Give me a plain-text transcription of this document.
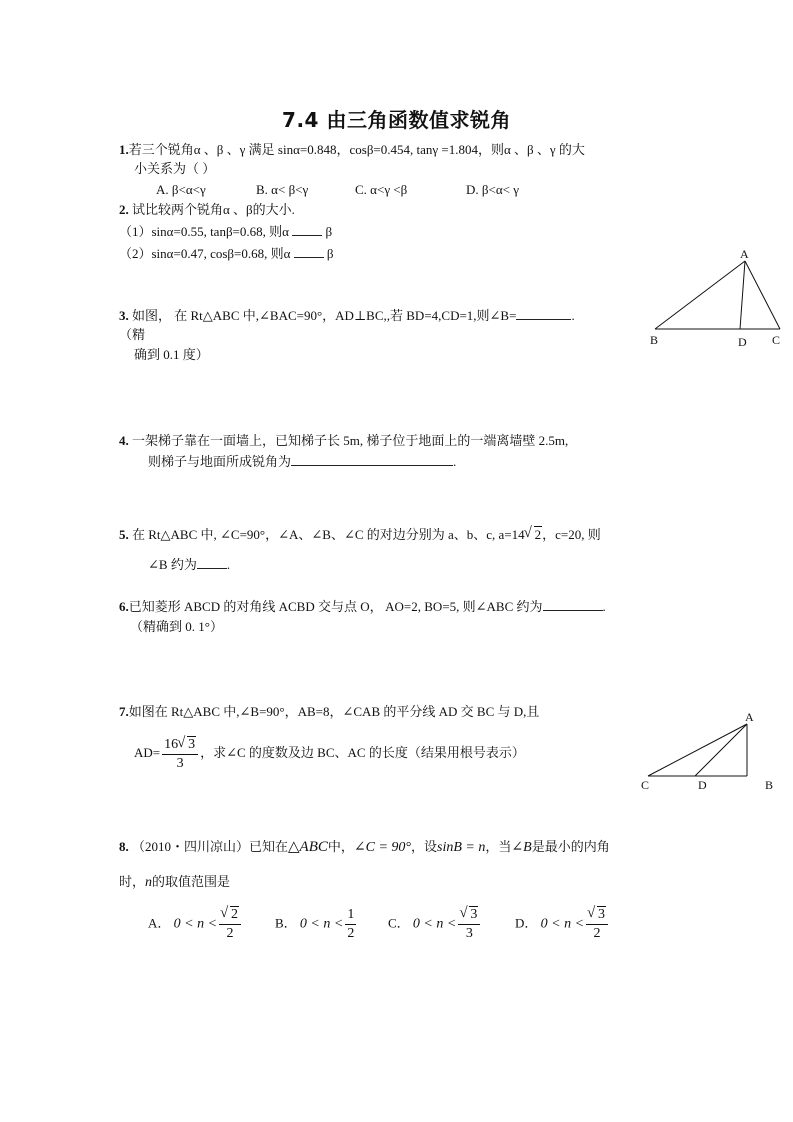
7.4 由三角函数值求锐角
1.若三个锐角α 、β 、γ 满足 sinα=0.848，cosβ=0.454, tanγ =1.804，则α 、β 、γ 的大
小关系为（ ）
A. β<α<γ	B. α< β<γ	C. α<γ <β	D. β<α< γ
2. 试比较两个锐角α 、β的大小.
（1）sinα=0.55, tanβ=0.68, 则α	β
（2）sinα=0.47, cosβ=0.68, 则α	β
3. 如图， 在 Rt△ABC 中,∠BAC=90°，AD⊥BC,,若 BD=4,CD=1,则∠B=	.
（精
确到 0.1 度）
A
B	D C
4. 一架梯子靠在一面墙上，已知梯子长 5m, 梯子位于地面上的一端离墙壁 2.5m,
则梯子与地面所成锐角为	.
5. 在 Rt△ABC 中, ∠C=90°，∠A、∠B、∠C 的对边分别为 a、b、c, a=14 √ 2，c=20, 则
∠B 约为 .
6.已知菱形 ABCD 的对角线 ACBD 交与点 O， AO=2, BO=5, 则∠ABC 约为	.
（精确到 0. 1°）
7.如图在 Rt△ABC 中,∠B=90°，AB=8，∠CAB 的平分线 AD 交 BC 与 D,且
$AD= \frac{16 √ 3}{3}$ ，求∠C 的度数及边 BC、AC 的长度（结果用根号表示）
A
C	D	B
8. （2010・四川凉山）已知在△ABC中，∠C = 90°，设sinB = n，当∠B是最小的内角
时，n的取值范围是
A． 0 < n < √ $\frac{2}{2}$	B． $0 < n < \frac{1}{2}$ C． 0 < n < √ $\frac{3}{3}$	D． 0 < n < √ $\frac{3}{2}$
